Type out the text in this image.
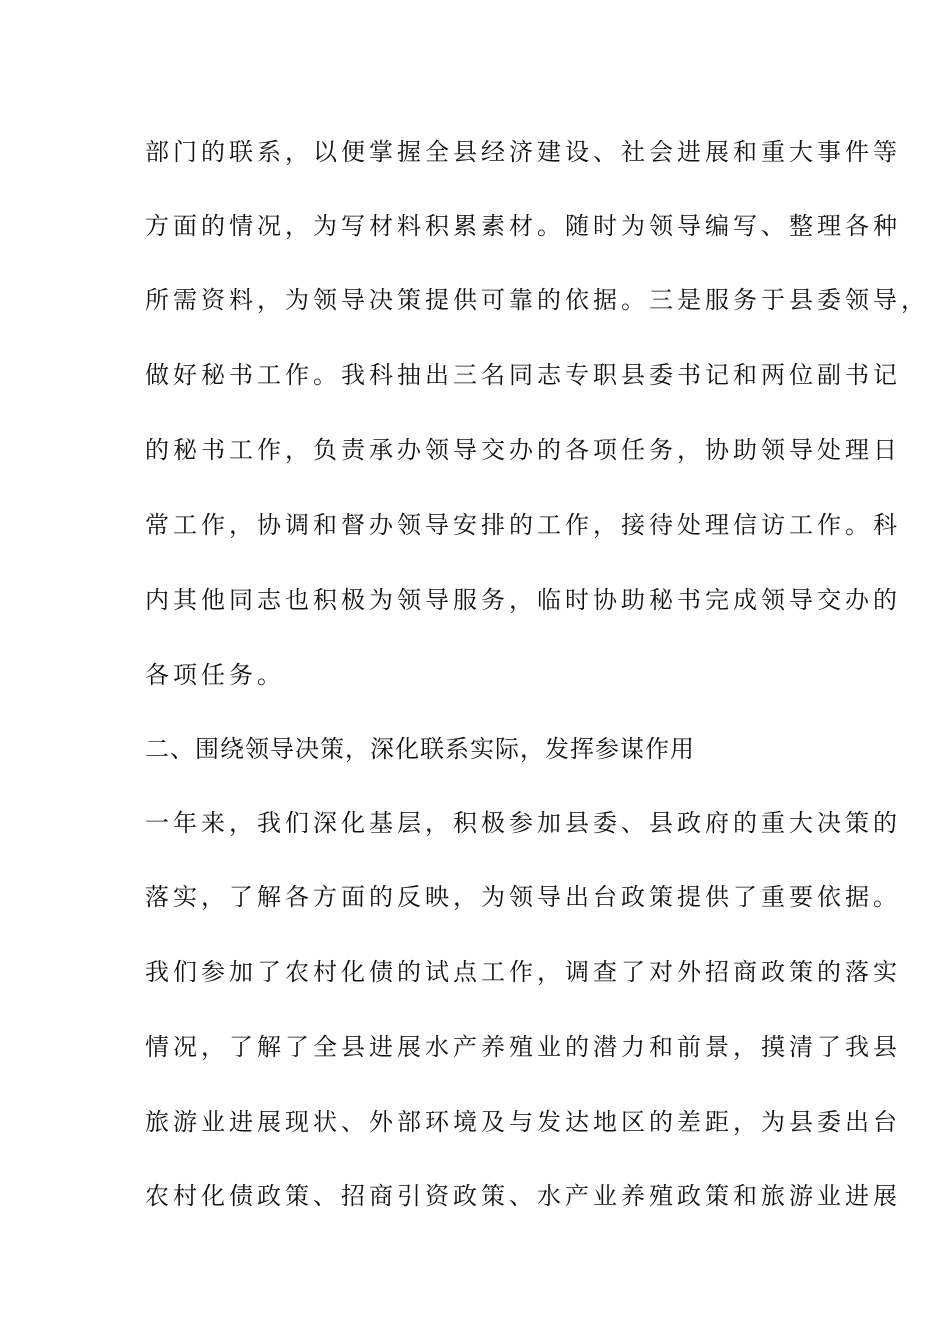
部门的联系，以便掌握全县经济建设、社会进展和重大事件等
方面的情况，为写材料积累素材。随时为领导编写、整理各种
所需资料，为领导决策提供可靠的依据。三是服务于县委领导，
做好秘书工作。我科抽出三名同志专职县委书记和两位副书记
的秘书工作，负责承办领导交办的各项任务，协助领导处理日
常工作，协调和督办领导安排的工作，接待处理信访工作。科
内其他同志也积极为领导服务，临时协助秘书完成领导交办的
各项任务。
二、围绕领导决策，深化联系实际，发挥参谋作用
一年来，我们深化基层，积极参加县委、县政府的重大决策的
落实，了解各方面的反映，为领导出台政策提供了重要依据。
我们参加了农村化债的试点工作，调查了对外招商政策的落实
情况，了解了全县进展水产养殖业的潜力和前景，摸清了我县
旅游业进展现状、外部环境及与发达地区的差距，为县委出台
农村化债政策、招商引资政策、水产业养殖政策和旅游业进展
